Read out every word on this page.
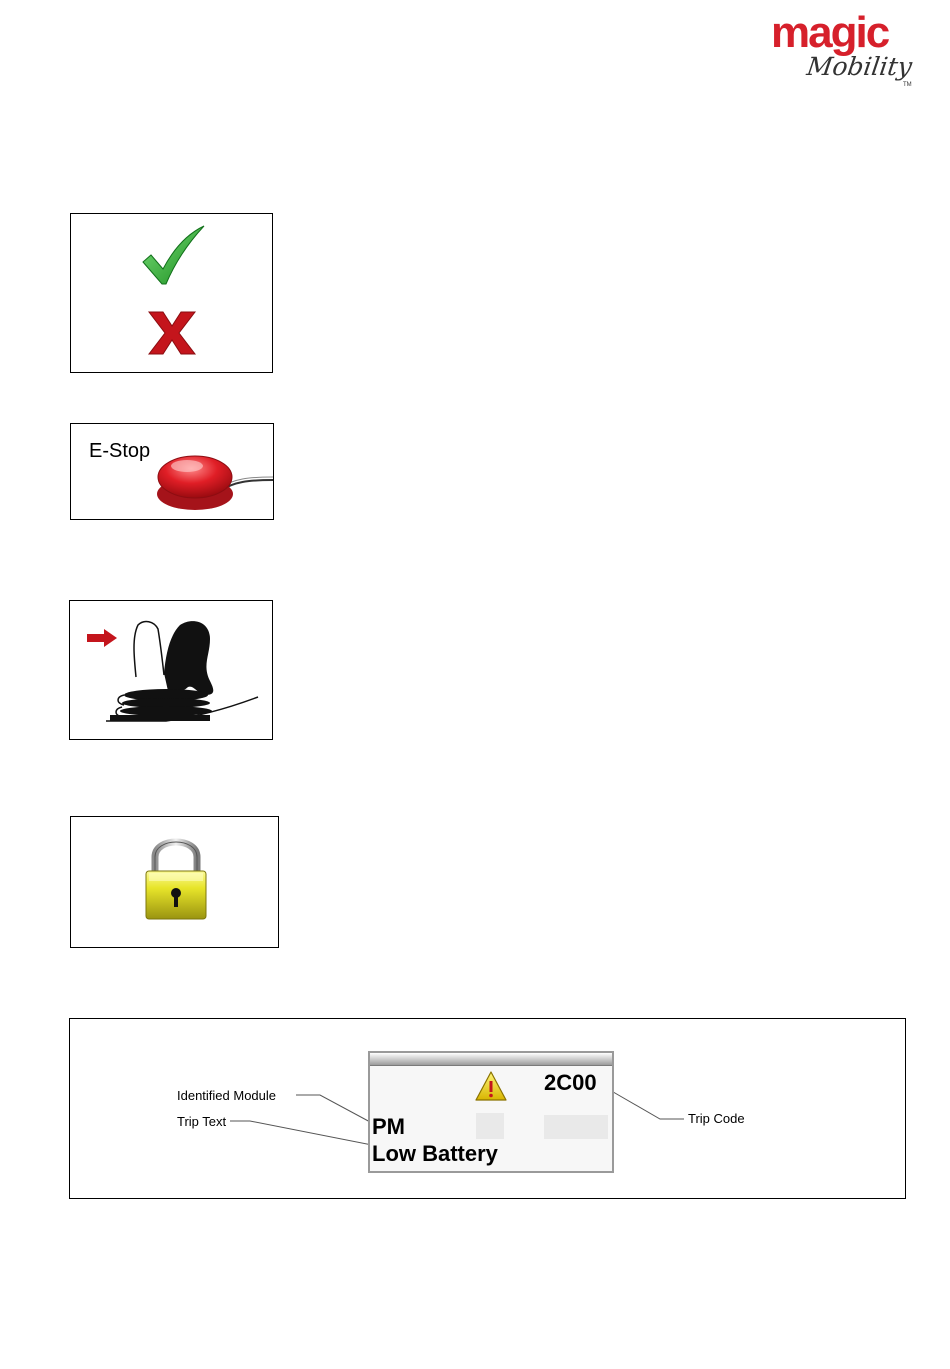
magic
Mobility
TM
E-Stop
Identified Module
Trip Text	Trip Code
2C00
PM
Low Battery
